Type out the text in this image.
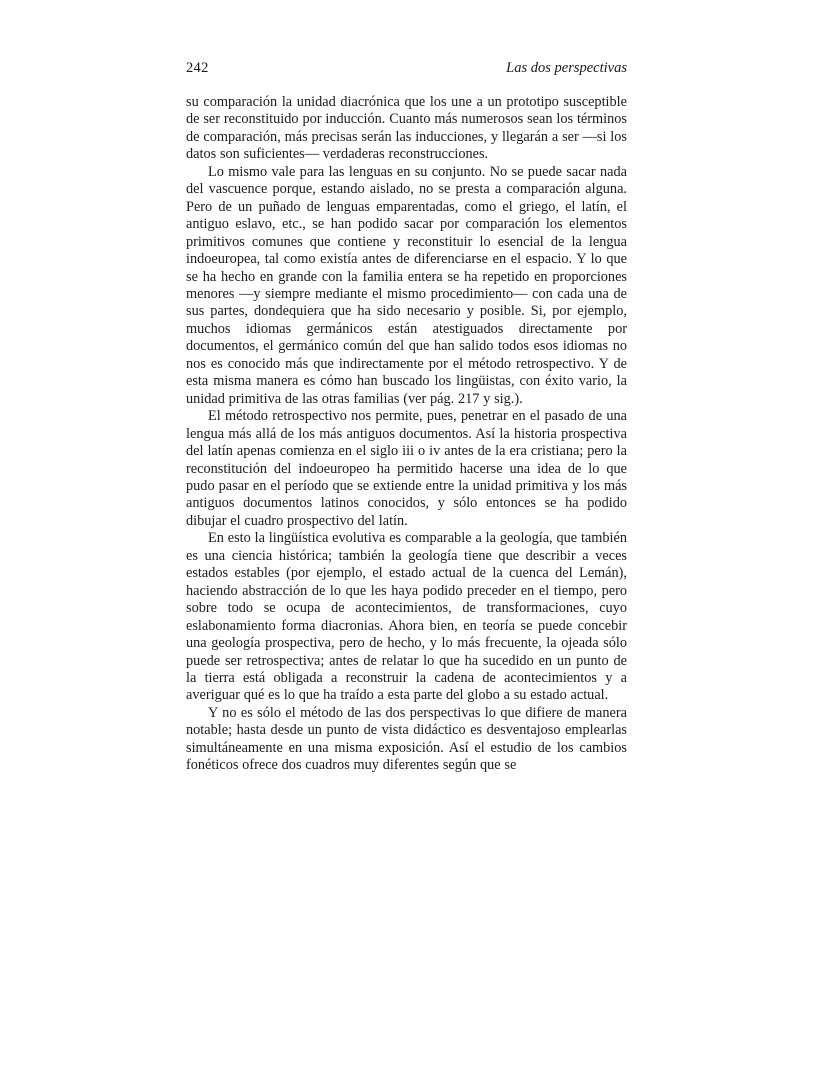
242	Las dos perspectivas

su comparación la unidad diacrónica que los une a un prototipo susceptible de ser reconstituido por inducción. Cuanto más numerosos sean los términos de comparación, más precisas serán las inducciones, y llegarán a ser —si los datos son suficientes— verdaderas reconstrucciones.

Lo mismo vale para las lenguas en su conjunto. No se puede sacar nada del vascuence porque, estando aislado, no se presta a comparación alguna. Pero de un puñado de lenguas emparentadas, como el griego, el latín, el antiguo eslavo, etc., se han podido sacar por comparación los elementos primitivos comunes que contiene y reconstituir lo esencial de la lengua indoeuropea, tal como existía antes de diferenciarse en el espacio. Y lo que se ha hecho en grande con la familia entera se ha repetido en proporciones menores —y siempre mediante el mismo procedimiento— con cada una de sus partes, dondequiera que ha sido necesario y posible. Si, por ejemplo, muchos idiomas germánicos están atestiguados directamente por documentos, el germánico común del que han salido todos esos idiomas no nos es conocido más que indirectamente por el método retrospectivo. Y de esta misma manera es cómo han buscado los lingüistas, con éxito vario, la unidad primitiva de las otras familias (ver pág. 217 y sig.).

El método retrospectivo nos permite, pues, penetrar en el pasado de una lengua más allá de los más antiguos documentos. Así la historia prospectiva del latín apenas comienza en el siglo iii o iv antes de la era cristiana; pero la reconstitución del indoeuropeo ha permitido hacerse una idea de lo que pudo pasar en el período que se extiende entre la unidad primitiva y los más antiguos documentos latinos conocidos, y sólo entonces se ha podido dibujar el cuadro prospectivo del latín.

En esto la lingüística evolutiva es comparable a la geología, que también es una ciencia histórica; también la geología tiene que describir a veces estados estables (por ejemplo, el estado actual de la cuenca del Lemán), haciendo abstracción de lo que les haya podido preceder en el tiempo, pero sobre todo se ocupa de acontecimientos, de transformaciones, cuyo eslabonamiento forma diacronias. Ahora bien, en teoría se puede concebir una geología prospectiva, pero de hecho, y lo más frecuente, la ojeada sólo puede ser retrospectiva; antes de relatar lo que ha sucedido en un punto de la tierra está obligada a reconstruir la cadena de acontecimientos y a averiguar qué es lo que ha traído a esta parte del globo a su estado actual.

Y no es sólo el método de las dos perspectivas lo que difiere de manera notable; hasta desde un punto de vista didáctico es desventajoso emplearlas simultáneamente en una misma exposición. Así el estudio de los cambios fonéticos ofrece dos cuadros muy diferentes según que se
